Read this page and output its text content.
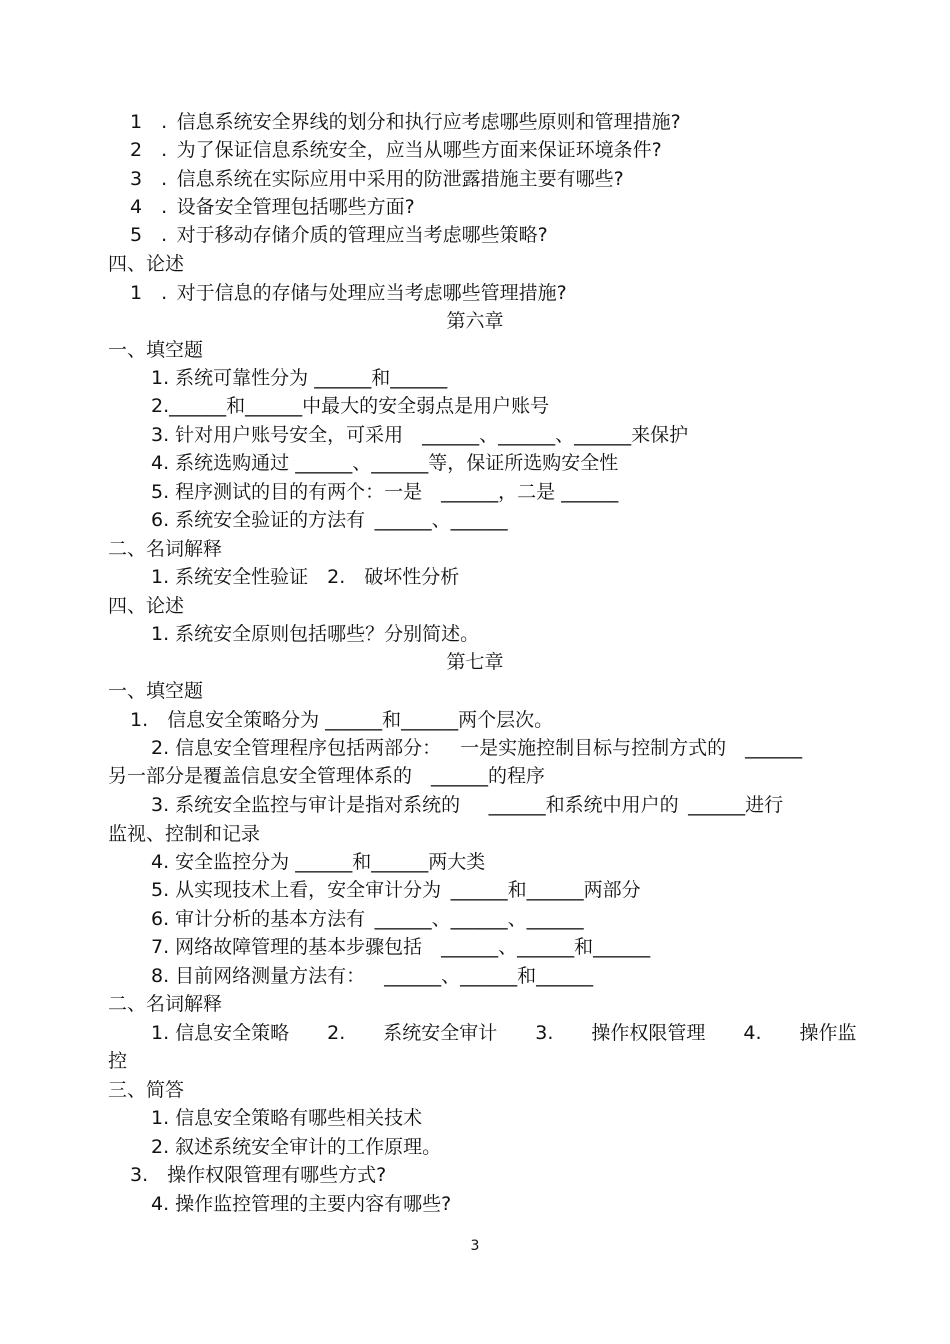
1　. 信息系统安全界线的划分和执行应考虑哪些原则和管理措施?
2　. 为了保证信息系统安全，应当从哪些方面来保证环境条件?
3　. 信息系统在实际应用中采用的防泄露措施主要有哪些?
4　. 设备安全管理包括哪些方面?
5　. 对于移动存储介质的管理应当考虑哪些策略?
四、论述
1　. 对于信息的存储与处理应当考虑哪些管理措施?
第六章
一、填空题
1. 系统可靠性分为 ______和______
2.______和______中最大的安全弱点是用户账号
3. 针对用户账号安全，可采用 ______、______、______来保护
4. 系统选购通过 ______、______等，保证所选购安全性
5. 程序测试的目的有两个：一是 ______，二是 ______
6. 系统安全验证的方法有 ______、______
二、名词解释
1. 系统安全性验证 2. 破坏性分析
四、论述
1. 系统安全原则包括哪些？分别简述。
第七章
一、填空题
1. 信息安全策略分为 ______和______两个层次。
2. 信息安全管理程序包括两部分： 一是实施控制目标与控制方式的 ______
另一部分是覆盖信息安全管理体系的 ______的程序
3. 系统安全监控与审计是指对系统的  ______和系统中用户的 ______进行
监视、控制和记录
4. 安全监控分为 ______和______两大类
5. 从实现技术上看，安全审计分为 ______和______两部分
6. 审计分析的基本方法有 ______、______、______
7. 网络故障管理的基本步骤包括 ______、______和______
8. 目前网络测量方法有： ______、______和______
二、名词解释
1. 信息安全策略  2.  系统安全审计  3.  操作权限管理  4.  操作监
控
三、简答
1. 信息安全策略有哪些相关技术
2. 叙述系统安全审计的工作原理。
3. 操作权限管理有哪些方式?
4. 操作监控管理的主要内容有哪些?
3
